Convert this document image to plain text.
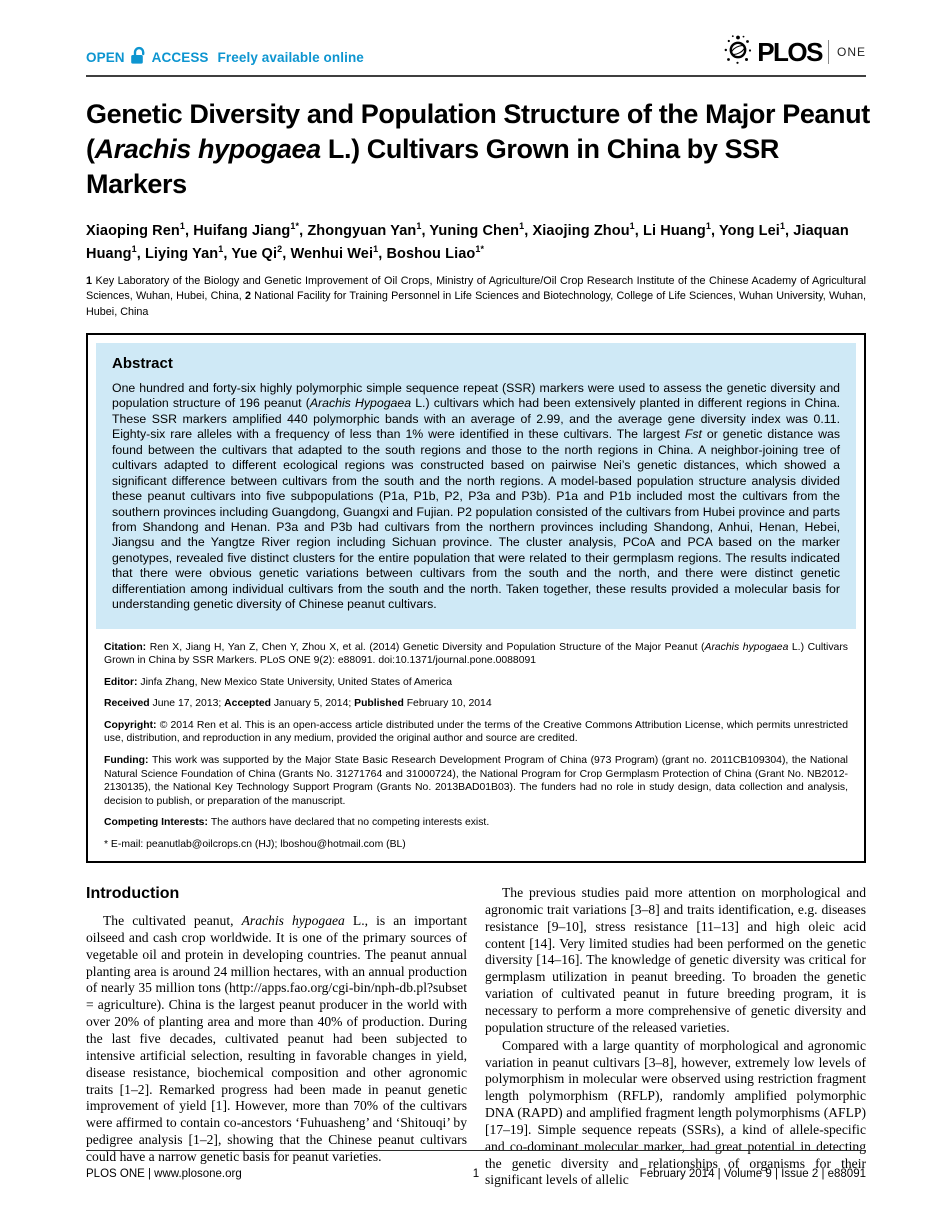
OPEN ACCESS Freely available online	PLOS ONE
Genetic Diversity and Population Structure of the Major Peanut (Arachis hypogaea L.) Cultivars Grown in China by SSR Markers
Xiaoping Ren$^1$, Huifang Jiang$^{1*}$, Zhongyuan Yan$^1$, Yuning Chen$^1$, Xiaojing Zhou$^1$, Li Huang$^1$, Yong Lei$^1$, Jiaquan Huang$^1$, Liying Yan$^1$, Yue Qi$^2$, Wenhui Wei$^1$, Boshou Liao$^{1*}$
1 Key Laboratory of the Biology and Genetic Improvement of Oil Crops, Ministry of Agriculture/Oil Crop Research Institute of the Chinese Academy of Agricultural Sciences, Wuhan, Hubei, China, 2 National Facility for Training Personnel in Life Sciences and Biotechnology, College of Life Sciences, Wuhan University, Wuhan, Hubei, China
Abstract

One hundred and forty-six highly polymorphic simple sequence repeat (SSR) markers were used to assess the genetic diversity and population structure of 196 peanut (Arachis Hypogaea L.) cultivars which had been extensively planted in different regions in China. These SSR markers amplified 440 polymorphic bands with an average of 2.99, and the average gene diversity index was 0.11. Eighty-six rare alleles with a frequency of less than 1% were identified in these cultivars. The largest Fst or genetic distance was found between the cultivars that adapted to the south regions and those to the north regions in China. A neighbor-joining tree of cultivars adapted to different ecological regions was constructed based on pairwise Nei’s genetic distances, which showed a significant difference between cultivars from the south and the north regions. A model-based population structure analysis divided these peanut cultivars into five subpopulations (P1a, P1b, P2, P3a and P3b). P1a and P1b included most the cultivars from the southern provinces including Guangdong, Guangxi and Fujian. P2 population consisted of the cultivars from Hubei province and parts from Shandong and Henan. P3a and P3b had cultivars from the northern provinces including Shandong, Anhui, Henan, Hebei, Jiangsu and the Yangtze River region including Sichuan province. The cluster analysis, PCoA and PCA based on the marker genotypes, revealed five distinct clusters for the entire population that were related to their germplasm regions. The results indicated that there were obvious genetic variations between cultivars from the south and the north, and there were distinct genetic differentiation among individual cultivars from the south and the north. Taken together, these results provided a molecular basis for understanding genetic diversity of Chinese peanut cultivars.

Citation: Ren X, Jiang H, Yan Z, Chen Y, Zhou X, et al. (2014) Genetic Diversity and Population Structure of the Major Peanut (Arachis hypogaea L.) Cultivars Grown in China by SSR Markers. PLoS ONE 9(2): e88091. doi:10.1371/journal.pone.0088091

Editor: Jinfa Zhang, New Mexico State University, United States of America

Received June 17, 2013; Accepted January 5, 2014; Published February 10, 2014

Copyright: © 2014 Ren et al. This is an open-access article distributed under the terms of the Creative Commons Attribution License, which permits unrestricted use, distribution, and reproduction in any medium, provided the original author and source are credited.

Funding: This work was supported by the Major State Basic Research Development Program of China (973 Program) (grant no. 2011CB109304), the National Natural Science Foundation of China (Grants No. 31271764 and 31000724), the National Program for Crop Germplasm Protection of China (Grant No. NB2012-2130135), the National Key Technology Support Program (Grants No. 2013BAD01B03). The funders had no role in study design, data collection and analysis, decision to publish, or preparation of the manuscript.

Competing Interests: The authors have declared that no competing interests exist.

* E-mail: peanutlab@oilcrops.cn (HJ); lboshou@hotmail.com (BL)

Introduction

The cultivated peanut, Arachis hypogaea L., is an important oilseed and cash crop worldwide. It is one of the primary sources of vegetable oil and protein in developing countries. The peanut annual planting area is around 24 million hectares, with an annual production of nearly 35 million tons (http://apps.fao.org/cgi-bin/nph-db.pl?subset = agriculture). China is the largest peanut producer in the world with over 20% of planting area and more than 40% of production. During the last five decades, cultivated peanut had been subjected to intensive artificial selection, resulting in favorable changes in yield, disease resistance, biochemical composition and other agronomic traits [1–2]. Remarked progress had been made in peanut genetic improvement of yield [1]. However, more than 70% of the cultivars were affirmed to contain co-ancestors ‘Fuhuasheng’ and ‘Shitouqi’ by pedigree analysis [1–2], showing that the Chinese peanut cultivars could have a narrow genetic basis for peanut varieties.

The previous studies paid more attention on morphological and agronomic trait variations [3–8] and traits identification, e.g. diseases resistance [9–10], stress resistance [11–13] and high oleic acid content [14]. Very limited studies had been performed on the genetic diversity [14–16]. The knowledge of genetic diversity was critical for germplasm utilization in peanut breeding. To broaden the genetic variation of cultivated peanut in future breeding program, it is necessary to perform a more comprehensive of genetic diversity and population structure of the released varieties.

Compared with a large quantity of morphological and agronomic variation in peanut cultivars [3–8], however, extremely low levels of polymorphism in molecular were observed using restriction fragment length polymorphism (RFLP), randomly amplified polymorphic DNA (RAPD) and amplified fragment length polymorphisms (AFLP) [17–19]. Simple sequence repeats (SSRs), a kind of allele-specific and co-dominant molecular marker, had great potential in detecting the genetic diversity and relationships of organisms for their significant levels of allelic

PLOS ONE | www.plosone.org	February 2014 | Volume 9 | Issue 2 | e88091
1
